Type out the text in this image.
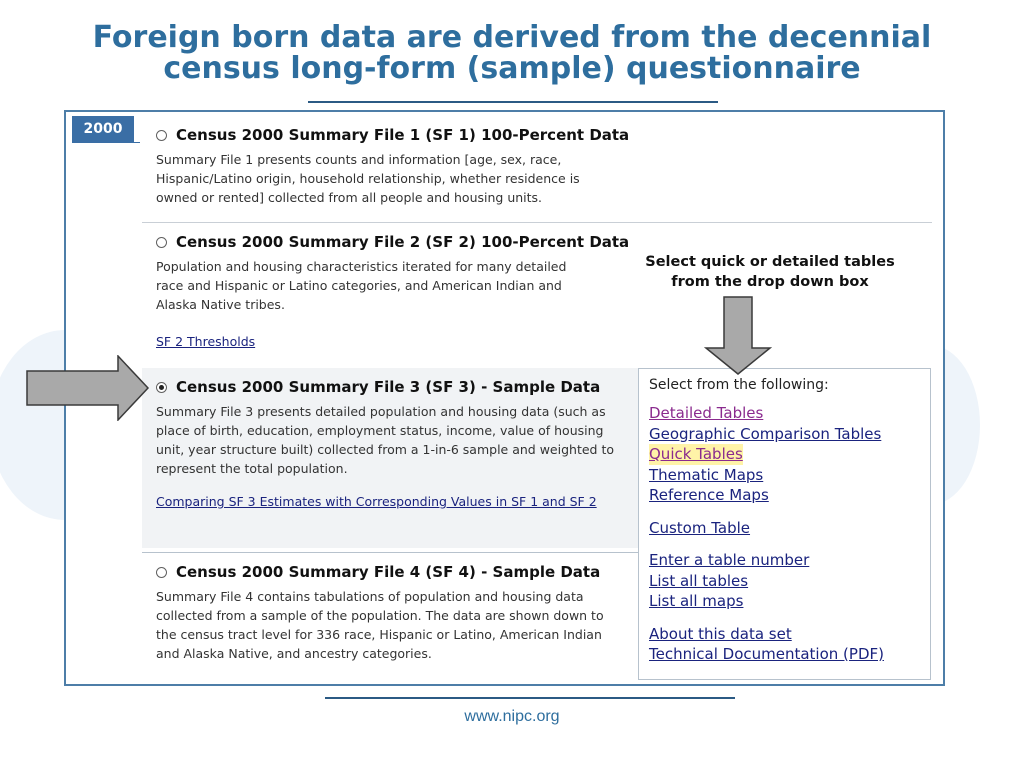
Foreign born data are derived from the decennial
census long-form (sample) questionnaire
2000	Census 2000 Summary File 1 (SF 1) 100-Percent Data
Summary File 1 presents counts and information [age, sex, race, Hispanic/Latino origin, household relationship, whether residence is owned or rented] collected from all people and housing units.
Census 2000 Summary File 2 (SF 2) 100-Percent Data
Population and housing characteristics iterated for many detailed race and Hispanic or Latino categories, and American Indian and Alaska Native tribes.
SF 2 Thresholds
Census 2000 Summary File 3 (SF 3) - Sample Data
Summary File 3 presents detailed population and housing data (such as place of birth, education, employment status, income, value of housing unit, year structure built) collected from a 1-in-6 sample and weighted to represent the total population.
Comparing SF 3 Estimates with Corresponding Values in SF 1 and SF 2
Census 2000 Summary File 4 (SF 4) - Sample Data
Summary File 4 contains tabulations of population and housing data collected from a sample of the population. The data are shown down to the census tract level for 336 race, Hispanic or Latino, American Indian and Alaska Native, and ancestry categories.
Select from the following:
Detailed Tables
Geographic Comparison Tables
Quick Tables
Thematic Maps
Reference Maps
Custom Table
Enter a table number
List all tables
List all maps
About this data set
Technical Documentation (PDF)
Select quick or detailed tables
from the drop down box
www.nipc.org
